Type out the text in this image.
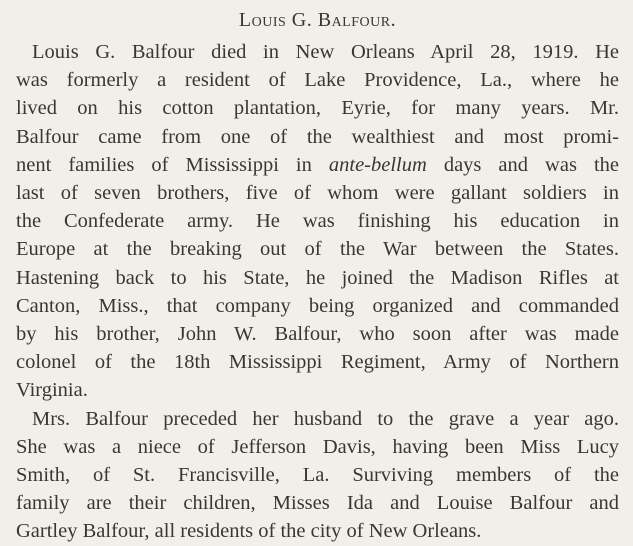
Louis G. Balfour.

Louis G. Balfour died in New Orleans April 28, 1919. He
was formerly a resident of Lake Providence, La., where he
lived on his cotton plantation, Eyrie, for many years. Mr.
Balfour came from one of the wealthiest and most promi-
nent families of Mississippi in ante-bellum days and was the
last of seven brothers, five of whom were gallant soldiers in
the Confederate army. He was finishing his education in
Europe at the breaking out of the War between the States.
Hastening back to his State, he joined the Madison Rifles at
Canton, Miss., that company being organized and commanded
by his brother, John W. Balfour, who soon after was made
colonel of the 18th Mississippi Regiment, Army of Northern
Virginia.

Mrs. Balfour preceded her husband to the grave a year ago.
She was a niece of Jefferson Davis, having been Miss Lucy
Smith, of St. Francisville, La. Surviving members of the
family are their children, Misses Ida and Louise Balfour and
Gartley Balfour, all residents of the city of New Orleans.
